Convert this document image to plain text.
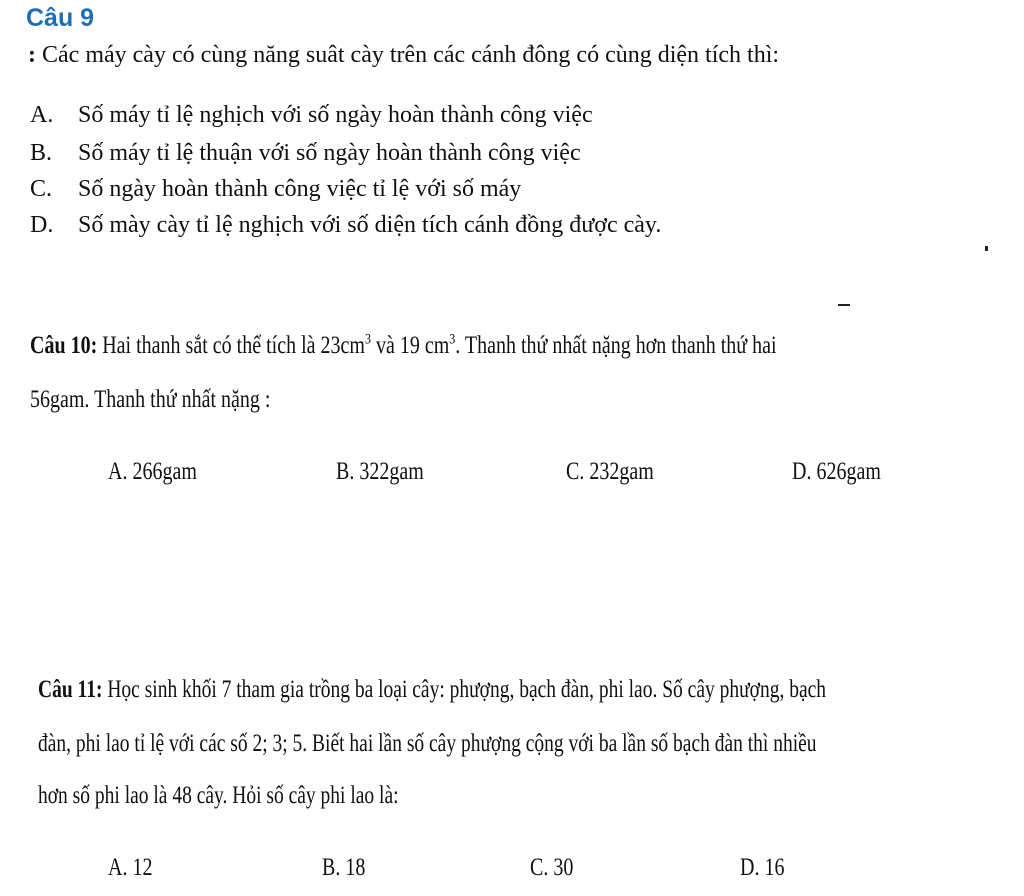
Câu 9
: Các máy cày có cùng năng suât cày trên các cánh đông có cùng diện tích thì:
A. Số máy tỉ lệ nghịch với số ngày hoàn thành công việc
B. Số máy tỉ lệ thuận với số ngày hoàn thành công việc
C. Số ngày hoàn thành công việc tỉ lệ với số máy
D. Số mày cày tỉ lệ nghịch với số diện tích cánh đồng được cày.
Câu 10: Hai thanh sắt có thể tích là $23cm^3$ và 19 $cm^3$. Thanh thứ nhất nặng hơn thanh thứ hai
56gam. Thanh thứ nhất nặng :
A. 266gam	B. 322gam	C. 232gam	D. 626gam
Câu 11: Học sinh khối 7 tham gia trồng ba loại cây: phượng, bạch đàn, phi lao. Số cây phượng, bạch
đàn, phi lao tỉ lệ với các số 2; 3; 5. Biết hai lần số cây phượng cộng với ba lần số bạch đàn thì nhiều
hơn số phi lao là 48 cây. Hỏi số cây phi lao là:
A. 12	B. 18	C. 30	D. 16
